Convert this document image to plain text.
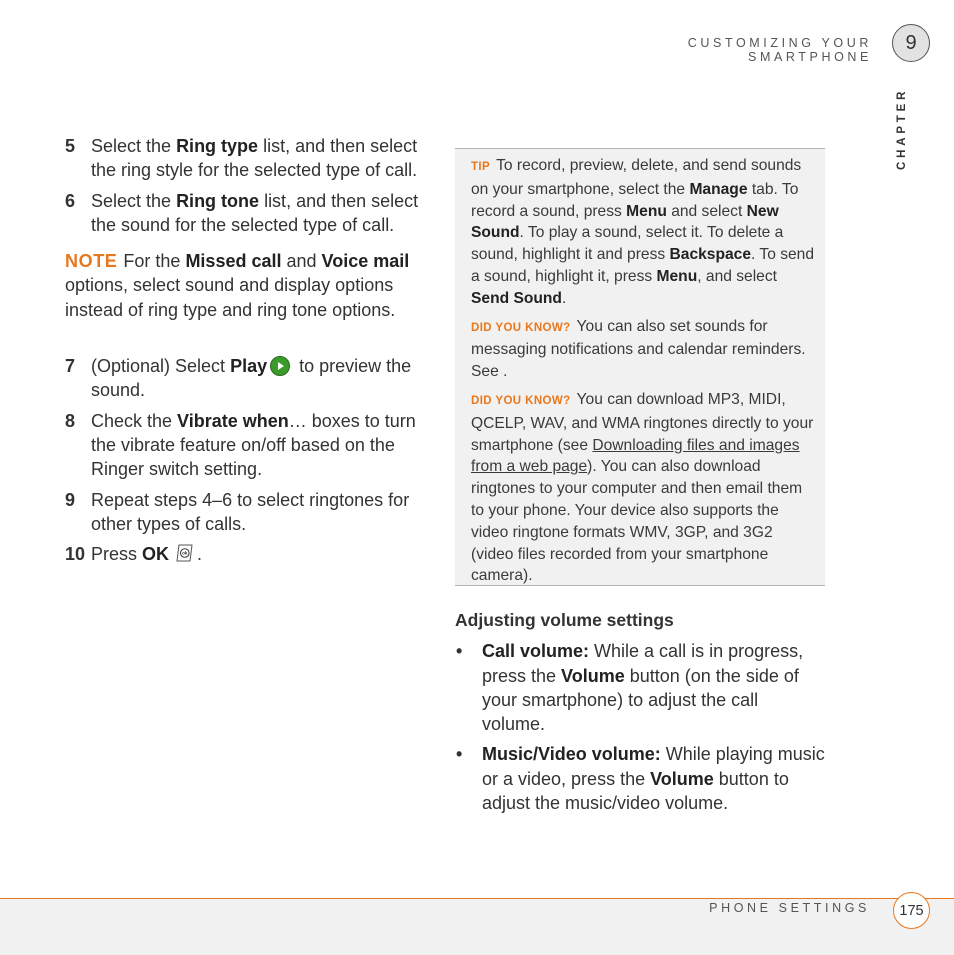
CUSTOMIZING YOUR SMARTPHONE
9
CHAPTER
5 Select the Ring type list, and then select the ring style for the selected type of call.
6 Select the Ring tone list, and then select the sound for the selected type of call.
NOTE For the Missed call and Voice mail options, select sound and display options instead of ring type and ring tone options.
7 (Optional) Select Play to preview the sound.
8 Check the Vibrate when… boxes to turn the vibrate feature on/off based on the Ringer switch setting.
9 Repeat steps 4–6 to select ringtones for other types of calls.
10 Press OK	ok .

TIP To record, preview, delete, and send sounds on your smartphone, select the Manage tab. To record a sound, press Menu and select New Sound. To play a sound, select it. To delete a sound, highlight it and press Backspace. To send a sound, highlight it, press Menu, and select Send Sound.

DID YOU KNOW? You can also set sounds for messaging notifications and calendar reminders. See .

DID YOU KNOW? You can download MP3, MIDI, QCELP, WAV, and WMA ringtones directly to your smartphone (see Downloading files and images from a web page). You can also download ringtones to your computer and then email them to your phone. Your device also supports the video ringtone formats WMV, 3GP, and 3G2 (video files recorded from your smartphone camera).

Adjusting volume settings
•	Call volume: While a call is in progress, press the Volume button (on the side of your smartphone) to adjust the call volume.
•	Music/Video volume: While playing music or a video, press the Volume button to adjust the music/video volume.
PHONE SETTINGS	175
